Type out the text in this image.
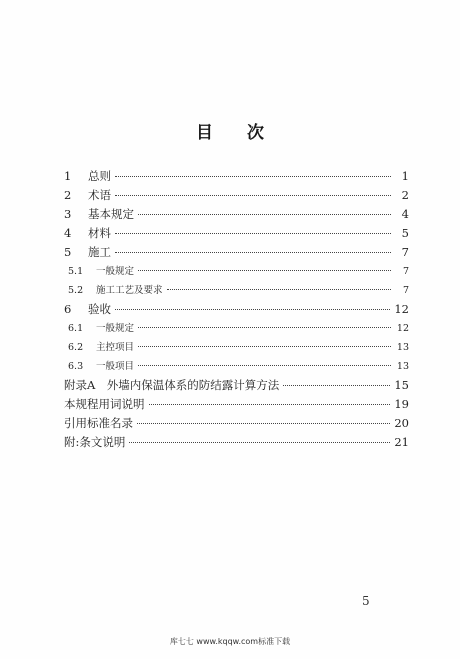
目 次
1	总则	1
2	术语	2
3	基本规定	4
4	材料	5
5	施工	7
5.1	一般规定	7
5.2	施工工艺及要求	7
6	验收	12
6.1	一般规定	12
6.2	主控项目	13
6.3	一般项目	13
附录A　外墙内保温体系的防结露计算方法	15
本规程用词说明	19
引用标准名录	20
附:条文说明	21
5
库七七 www.kqqw.com标准下载
